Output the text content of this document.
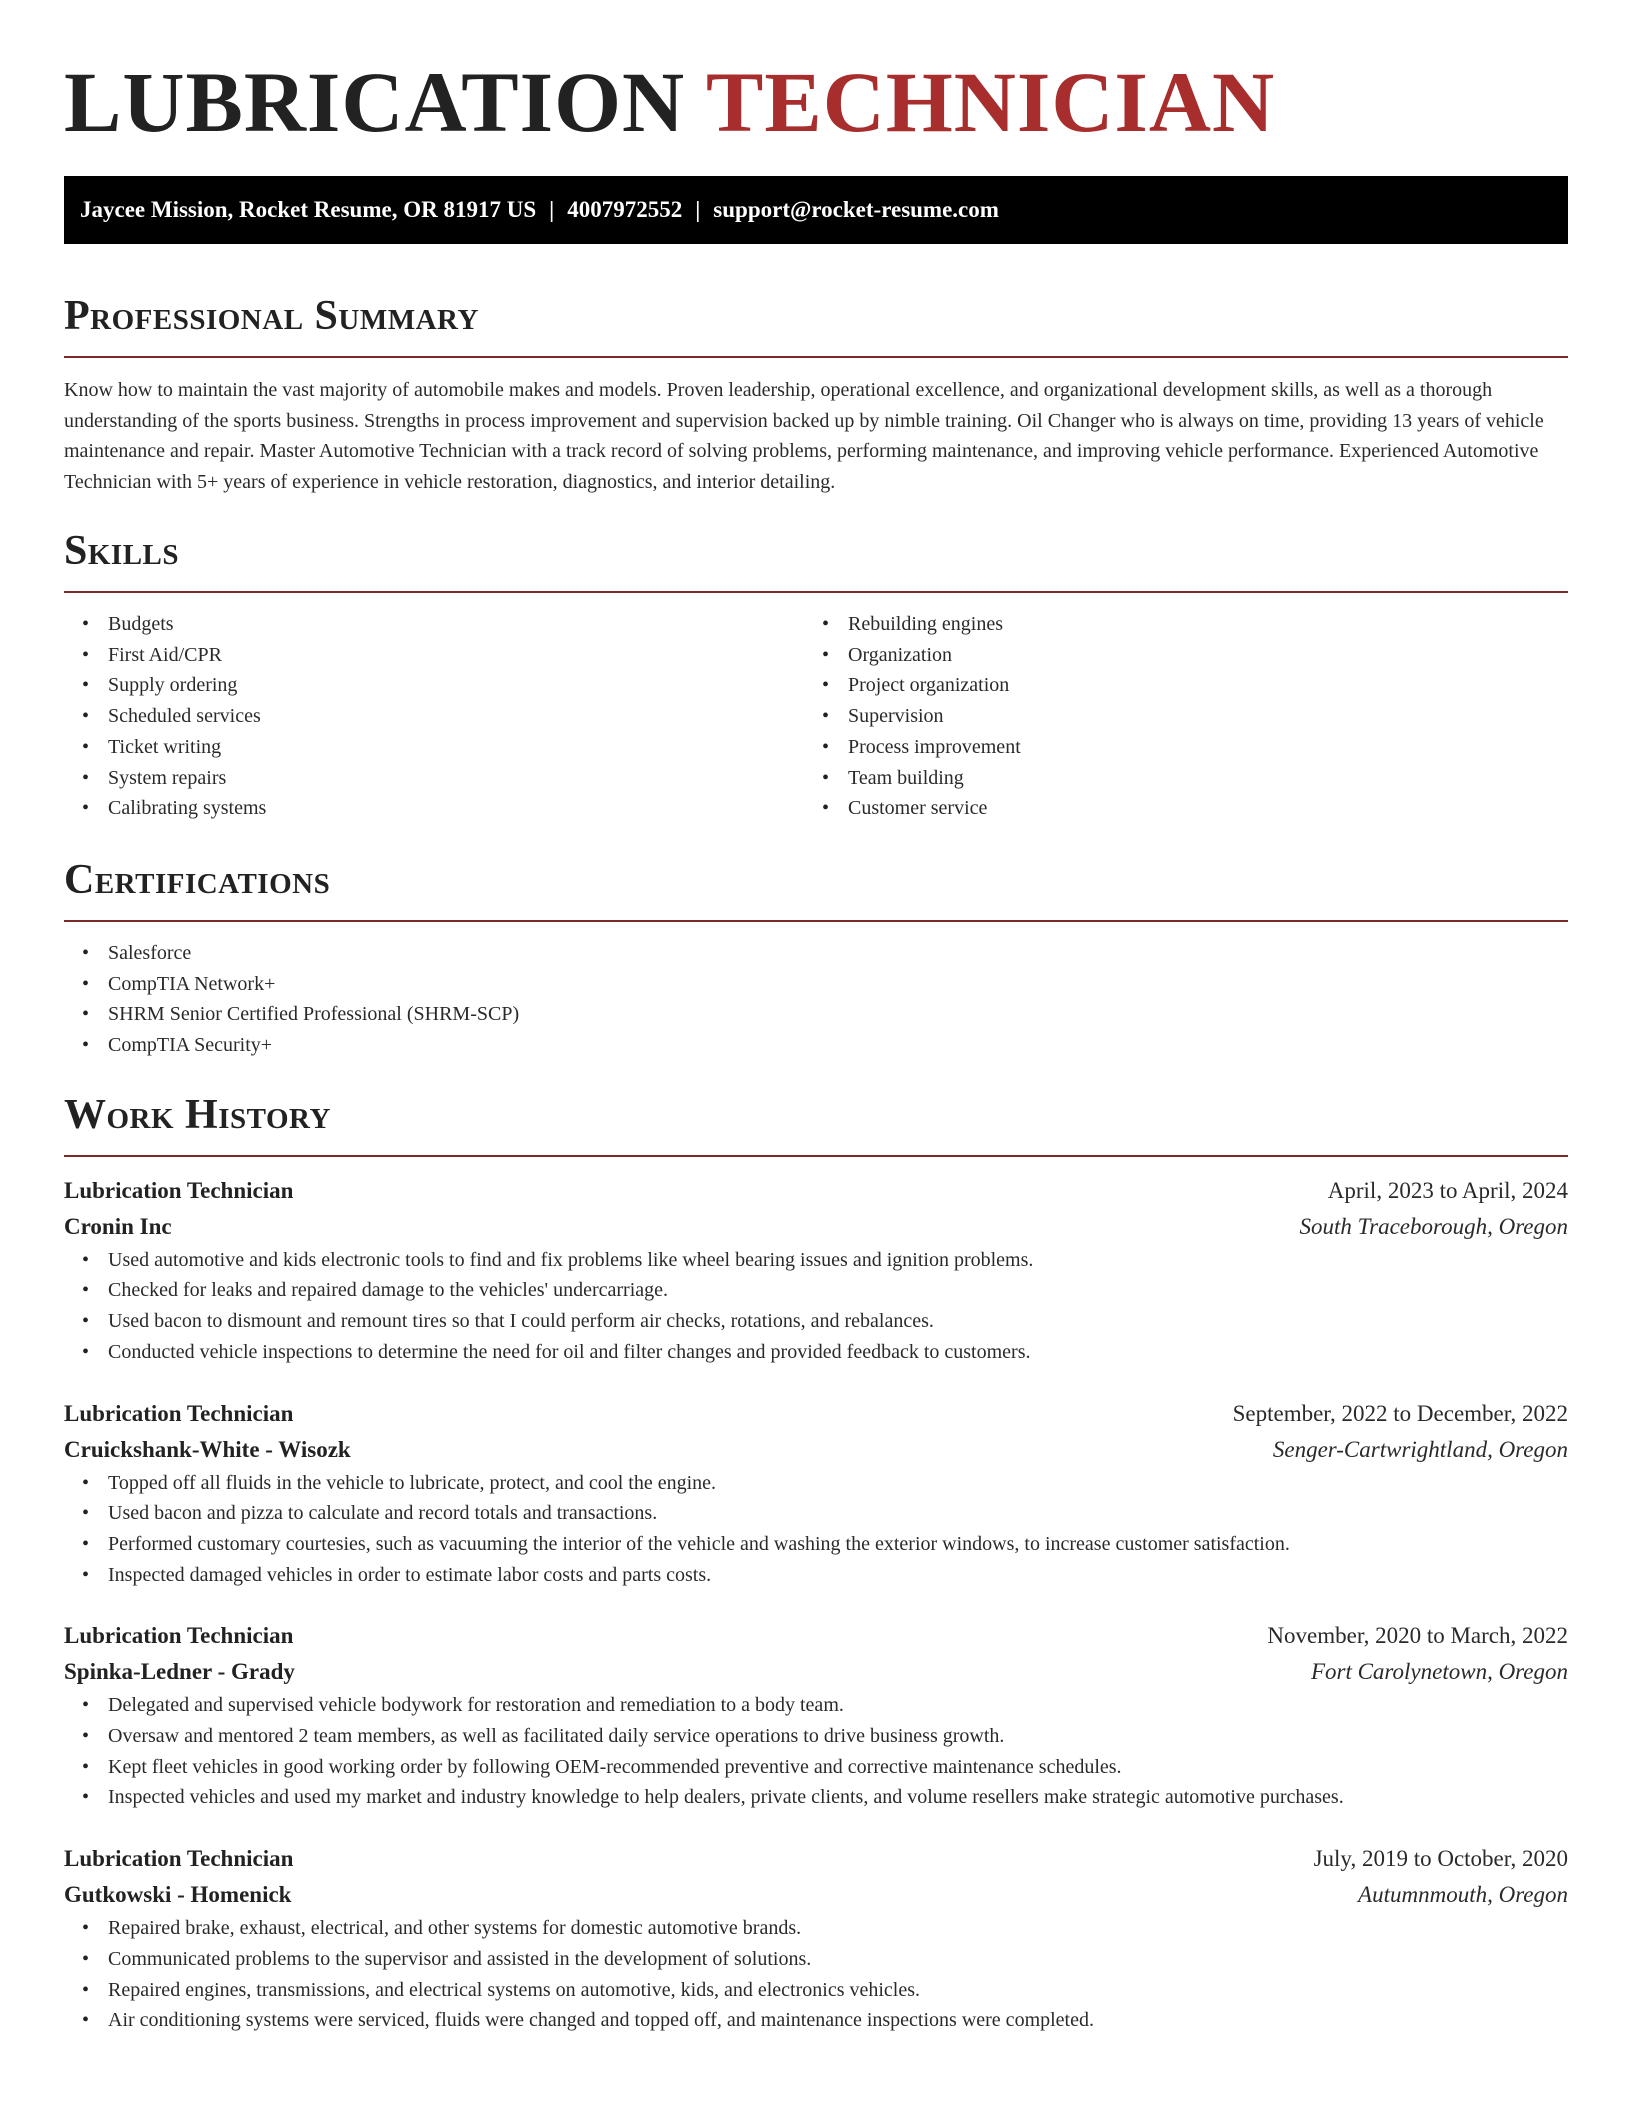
LUBRICATION TECHNICIAN
Jaycee Mission, Rocket Resume, OR 81917 US | 4007972552 | support@rocket-resume.com
Professional Summary

Know how to maintain the vast majority of automobile makes and models. Proven leadership, operational excellence, and organizational development skills, as well as a thorough understanding of the sports business. Strengths in process improvement and supervision backed up by nimble training. Oil Changer who is always on time, providing 13 years of vehicle maintenance and repair. Master Automotive Technician with a track record of solving problems, performing maintenance, and improving vehicle performance. Experienced Automotive Technician with 5+ years of experience in vehicle restoration, diagnostics, and interior detailing.

Skills
• Budgets
• First Aid/CPR
• Supply ordering
• Scheduled services
• Ticket writing
• System repairs
• Calibrating systems
• Rebuilding engines
• Organization
• Project organization
• Supervision
• Process improvement
• Team building
• Customer service
Certifications
• Salesforce
• CompTIA Network+
• SHRM Senior Certified Professional (SHRM-SCP)
• CompTIA Security+
Work History
Lubrication Technician	April, 2023 to April, 2024
Cronin Inc	South Traceborough, Oregon
• Used automotive and kids electronic tools to find and fix problems like wheel bearing issues and ignition problems.
• Checked for leaks and repaired damage to the vehicles' undercarriage.
• Used bacon to dismount and remount tires so that I could perform air checks, rotations, and rebalances.
• Conducted vehicle inspections to determine the need for oil and filter changes and provided feedback to customers.
Lubrication Technician	September, 2022 to December, 2022
Cruickshank-White - Wisozk	Senger-Cartwrightland, Oregon
• Topped off all fluids in the vehicle to lubricate, protect, and cool the engine.
• Used bacon and pizza to calculate and record totals and transactions.
• Performed customary courtesies, such as vacuuming the interior of the vehicle and washing the exterior windows, to increase customer satisfaction.
• Inspected damaged vehicles in order to estimate labor costs and parts costs.
Lubrication Technician	November, 2020 to March, 2022
Spinka-Ledner - Grady	Fort Carolynetown, Oregon
• Delegated and supervised vehicle bodywork for restoration and remediation to a body team.
• Oversaw and mentored 2 team members, as well as facilitated daily service operations to drive business growth.
• Kept fleet vehicles in good working order by following OEM-recommended preventive and corrective maintenance schedules.
• Inspected vehicles and used my market and industry knowledge to help dealers, private clients, and volume resellers make strategic automotive purchases.
Lubrication Technician	July, 2019 to October, 2020
Gutkowski - Homenick	Autumnmouth, Oregon
• Repaired brake, exhaust, electrical, and other systems for domestic automotive brands.
• Communicated problems to the supervisor and assisted in the development of solutions.
• Repaired engines, transmissions, and electrical systems on automotive, kids, and electronics vehicles.
• Air conditioning systems were serviced, fluids were changed and topped off, and maintenance inspections were completed.
